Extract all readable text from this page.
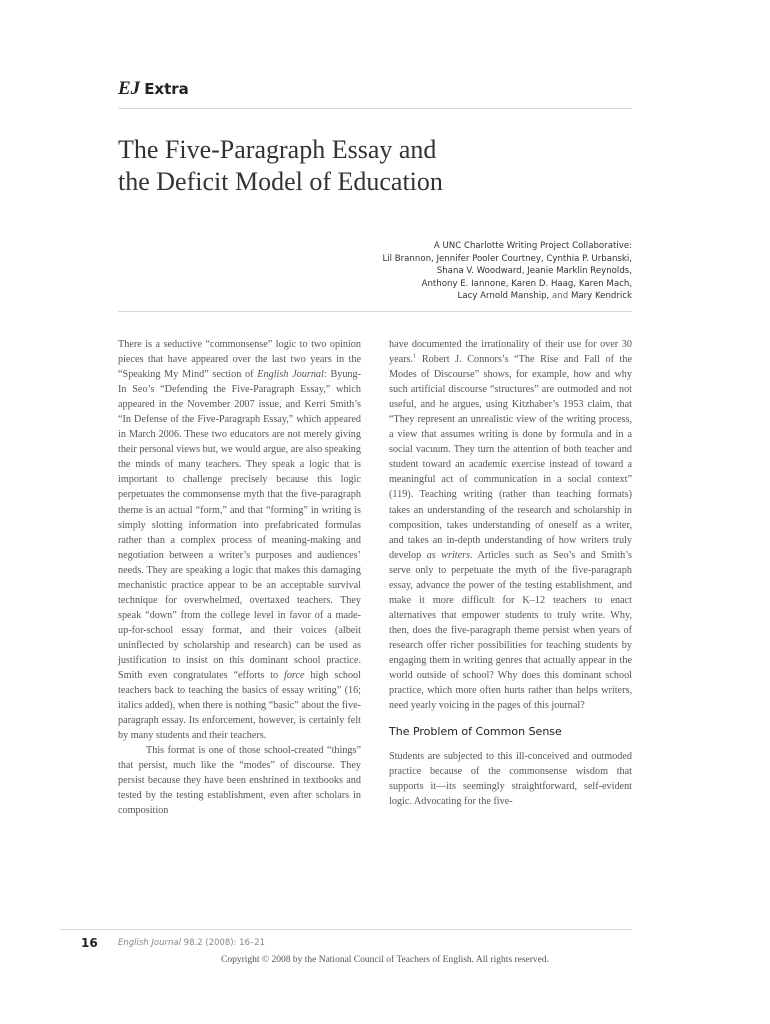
EJ Extra
The Five-Paragraph Essay and
the Deficit Model of Education
A UNC Charlotte Writing Project Collaborative:
Lil Brannon, Jennifer Pooler Courtney, Cynthia P. Urbanski,
Shana V. Woodward, Jeanie Marklin Reynolds,
Anthony E. Iannone, Karen D. Haag, Karen Mach,
Lacy Arnold Manship, and Mary Kendrick

There is a seductive “commonsense” logic to two opinion pieces that have appeared over the last two years in the “Speaking My Mind” section of English Journal: Byung-In Seo’s “Defending the Five-Paragraph Essay,” which appeared in the November 2007 issue, and Kerri Smith’s “In Defense of the Five-Paragraph Essay,” which appeared in March 2006. These two educators are not merely giving their personal views but, we would argue, are also speaking the minds of many teachers. They speak a logic that is important to challenge precisely because this logic perpetuates the commonsense myth that the five-paragraph theme is an actual “form,” and that “forming” in writing is simply slotting information into prefabricated formulas rather than a complex process of meaning-making and negotiation between a writer’s purposes and audiences’ needs. They are speaking a logic that makes this damaging mechanistic practice appear to be an acceptable survival technique for overwhelmed, overtaxed teachers. They speak “down” from the college level in favor of a made-up-for-school essay format, and their voices (albeit uninflected by scholarship and research) can be used as justification to insist on this dominant school practice. Smith even congratulates “efforts to force high school teachers back to teaching the basics of essay writing” (16; italics added), when there is nothing “basic” about the five-paragraph essay. Its enforcement, however, is certainly felt by many students and their teachers.

This format is one of those school-created “things” that persist, much like the “modes” of discourse. They persist because they have been enshrined in textbooks and tested by the testing establishment, even after scholars in composition

have documented the irrationality of their use for over 30 years.$^1$ Robert J. Connors’s “The Rise and Fall of the Modes of Discourse” shows, for example, how and why such artificial discourse “structures” are outmoded and not useful, and he argues, using Kitzhaber’s 1953 claim, that “They represent an unrealistic view of the writing process, a view that assumes writing is done by formula and in a social vacuum. They turn the attention of both teacher and student toward an academic exercise instead of toward a meaningful act of communication in a social context” (119). Teaching writing (rather than teaching formats) takes an understanding of the research and scholarship in composition, takes understanding of oneself as a writer, and takes an in-depth understanding of how writers truly develop as writers. Articles such as Seo’s and Smith’s serve only to perpetuate the myth of the five-paragraph essay, advance the power of the testing establishment, and make it more difficult for K–12 teachers to enact alternatives that empower students to truly write. Why, then, does the five-paragraph theme persist when years of research offer richer possibilities for teaching students by engaging them in writing genres that actually appear in the world outside of school? Why does this dominant school practice, which more often hurts rather than helps writers, need yearly voicing in the pages of this journal?

The Problem of Common Sense

Students are subjected to this ill-conceived and outmoded practice because of the commonsense wisdom that supports it—its seemingly straightforward, self-evident logic. Advocating for the five-

16 English Journal 98.2 (2008): 16–21
Copyright © 2008 by the National Council of Teachers of English. All rights reserved.
